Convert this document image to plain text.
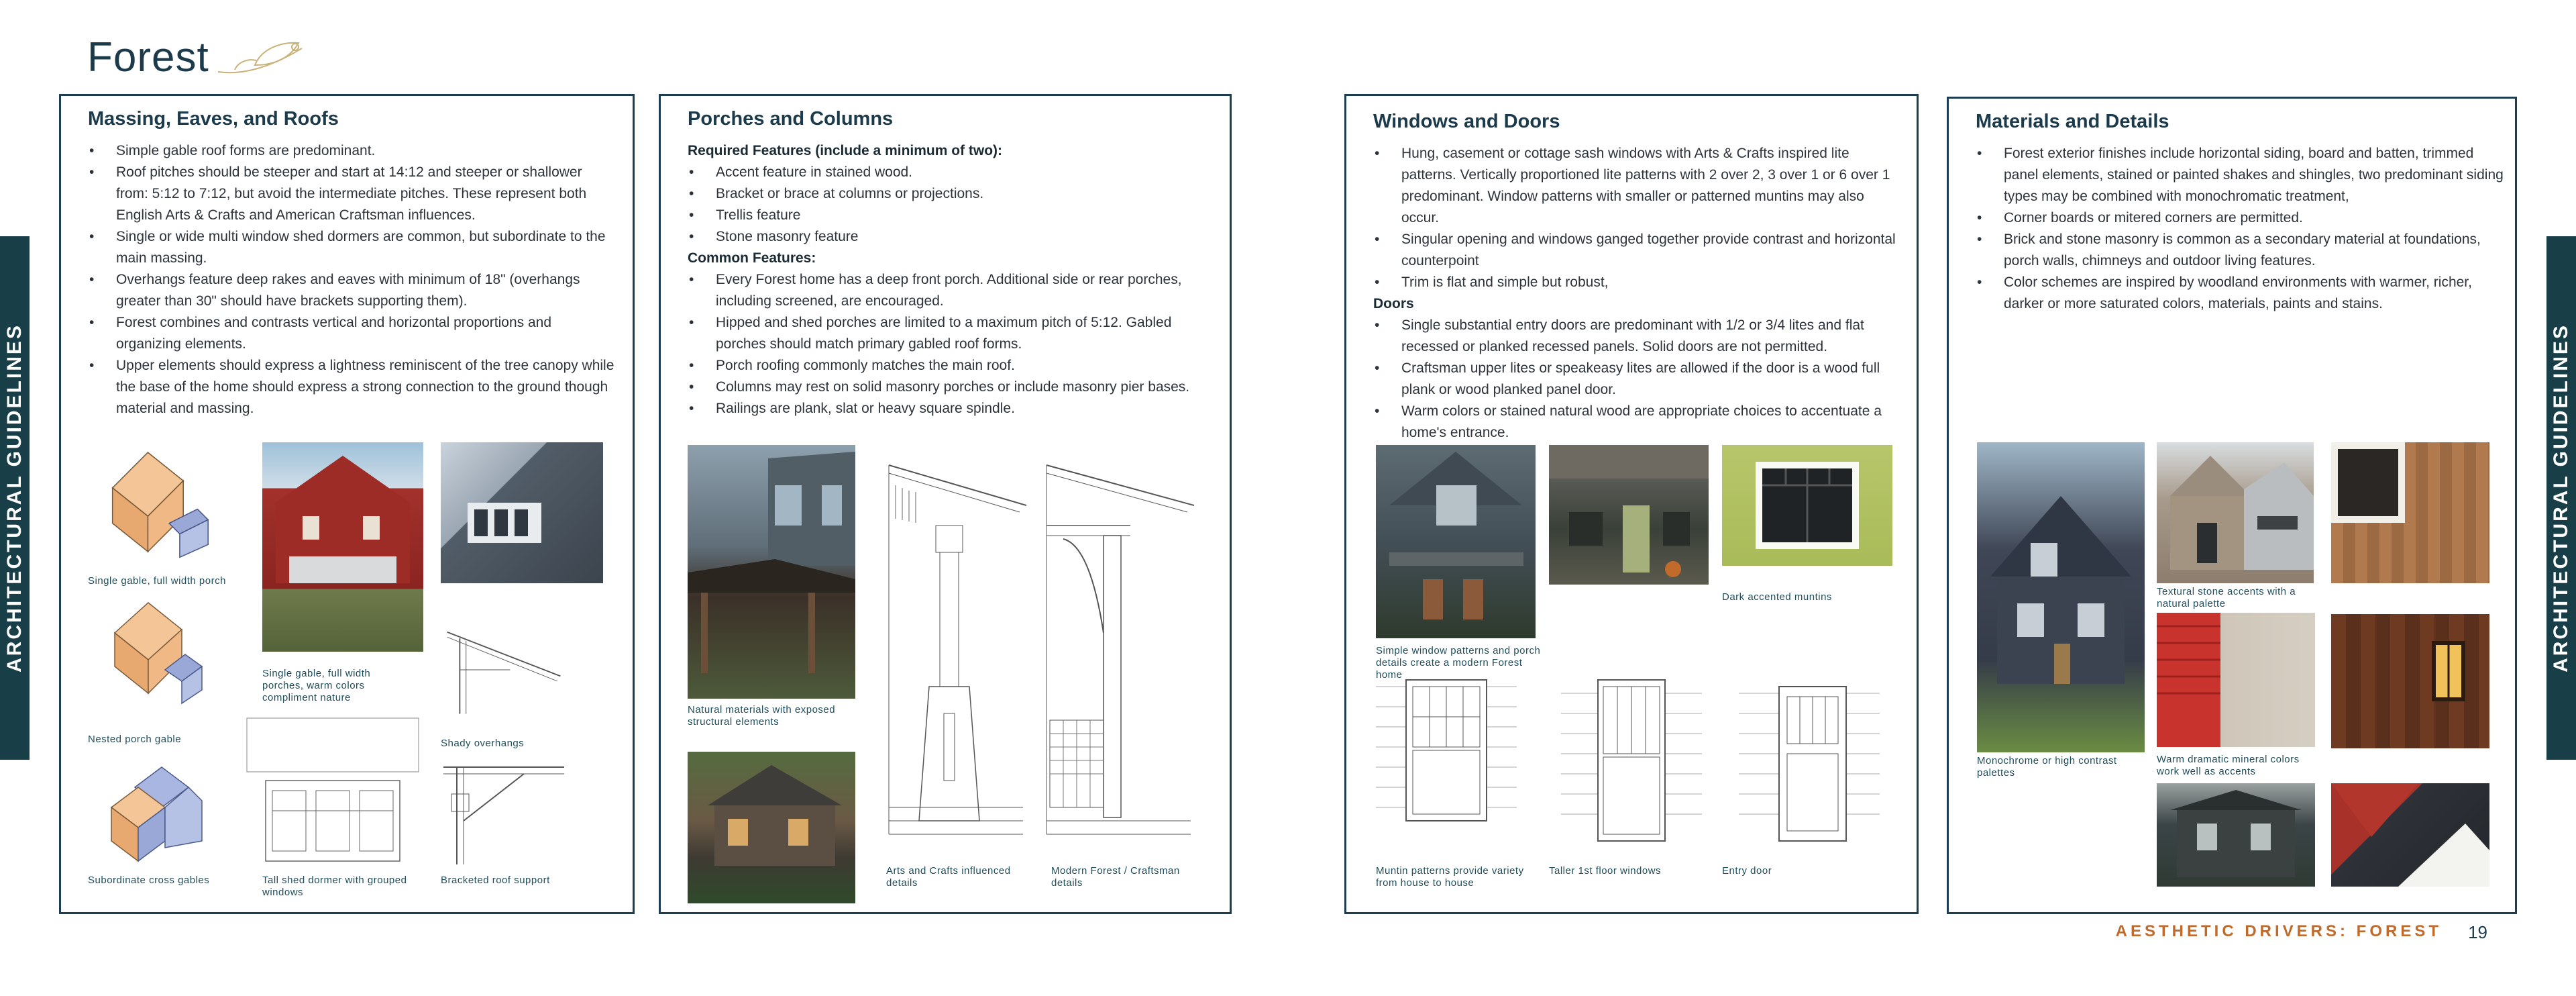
Forest
ARCHITECTURAL GUIDELINES	ARCHITECTURAL GUIDELINES
Massing, Eaves, and Roofs
• Simple gable roof forms are predominant.
• Roof pitches should be steeper and start at 14:12 and steeper or shallower from: 5:12 to 7:12, but avoid the intermediate pitches. These represent both English Arts & Crafts and American Craftsman influences.
• Single or wide multi window shed dormers are common, but subordinate to the main massing.
• Overhangs feature deep rakes and eaves with minimum of 18" (overhangs greater than 30" should have brackets supporting them).
• Forest combines and contrasts vertical and horizontal proportions and organizing elements.
• Upper elements should express a lightness reminiscent of the tree canopy while the base of the home should express a strong connection to the ground though material and massing.
Single gable, full width porch
Single gable, full width porches, warm colors compliment nature
Nested porch gable	Shady overhangs
Subordinate cross gables	Tall shed dormer with grouped windows
Bracketed roof support
Porches and Columns
Required Features (include a minimum of two):
• Accent feature in stained wood.
• Bracket or brace at columns or projections.
• Trellis feature
• Stone masonry feature
Common Features:
• Every Forest home has a deep front porch. Additional side or rear porches, including screened, are encouraged.
• Hipped and shed porches are limited to a maximum pitch of 5:12. Gabled porches should match primary gabled roof forms.
• Porch roofing commonly matches the main roof.
• Columns may rest on solid masonry porches or include masonry pier bases.
• Railings are plank, slat or heavy square spindle.
Natural materials with exposed structural elements
Arts and Crafts influenced details
Modern Forest / Craftsman details
Windows and Doors
• Hung, casement or cottage sash windows with Arts & Crafts inspired lite patterns. Vertically proportioned lite patterns with 2 over 2, 3 over 1 or 6 over 1 predominant. Window patterns with smaller or patterned muntins may also occur.
• Singular opening and windows ganged together provide contrast and horizontal counterpoint
• Trim is flat and simple but robust,
Doors
• Single substantial entry doors are predominant with 1/2 or 3/4 lites and flat recessed or planked recessed panels. Solid doors are not permitted.
• Craftsman upper lites or speakeasy lites are allowed if the door is a wood full plank or wood planked panel door.
• Warm colors or stained natural wood are appropriate choices to accentuate a home's entrance.
Simple window patterns and porch details create a modern Forest home
Dark accented muntins
Muntin patterns provide variety from house to house
Taller 1st floor windows	Entry door
Materials and Details
• Forest exterior finishes include horizontal siding, board and batten, trimmed panel elements, stained or painted shakes and shingles, two predominant siding types may be combined with monochromatic treatment,
• Corner boards or mitered corners are permitted.
• Brick and stone masonry is common as a secondary material at foundations, porch walls, chimneys and outdoor living features.
• Color schemes are inspired by woodland environments with warmer, richer, darker or more saturated colors, materials, paints and stains.
Monochrome or high contrast palettes
Textural stone accents with a natural palette
Warm dramatic mineral colors work well as accents
AESTHETIC DRIVERS: FOREST 19
